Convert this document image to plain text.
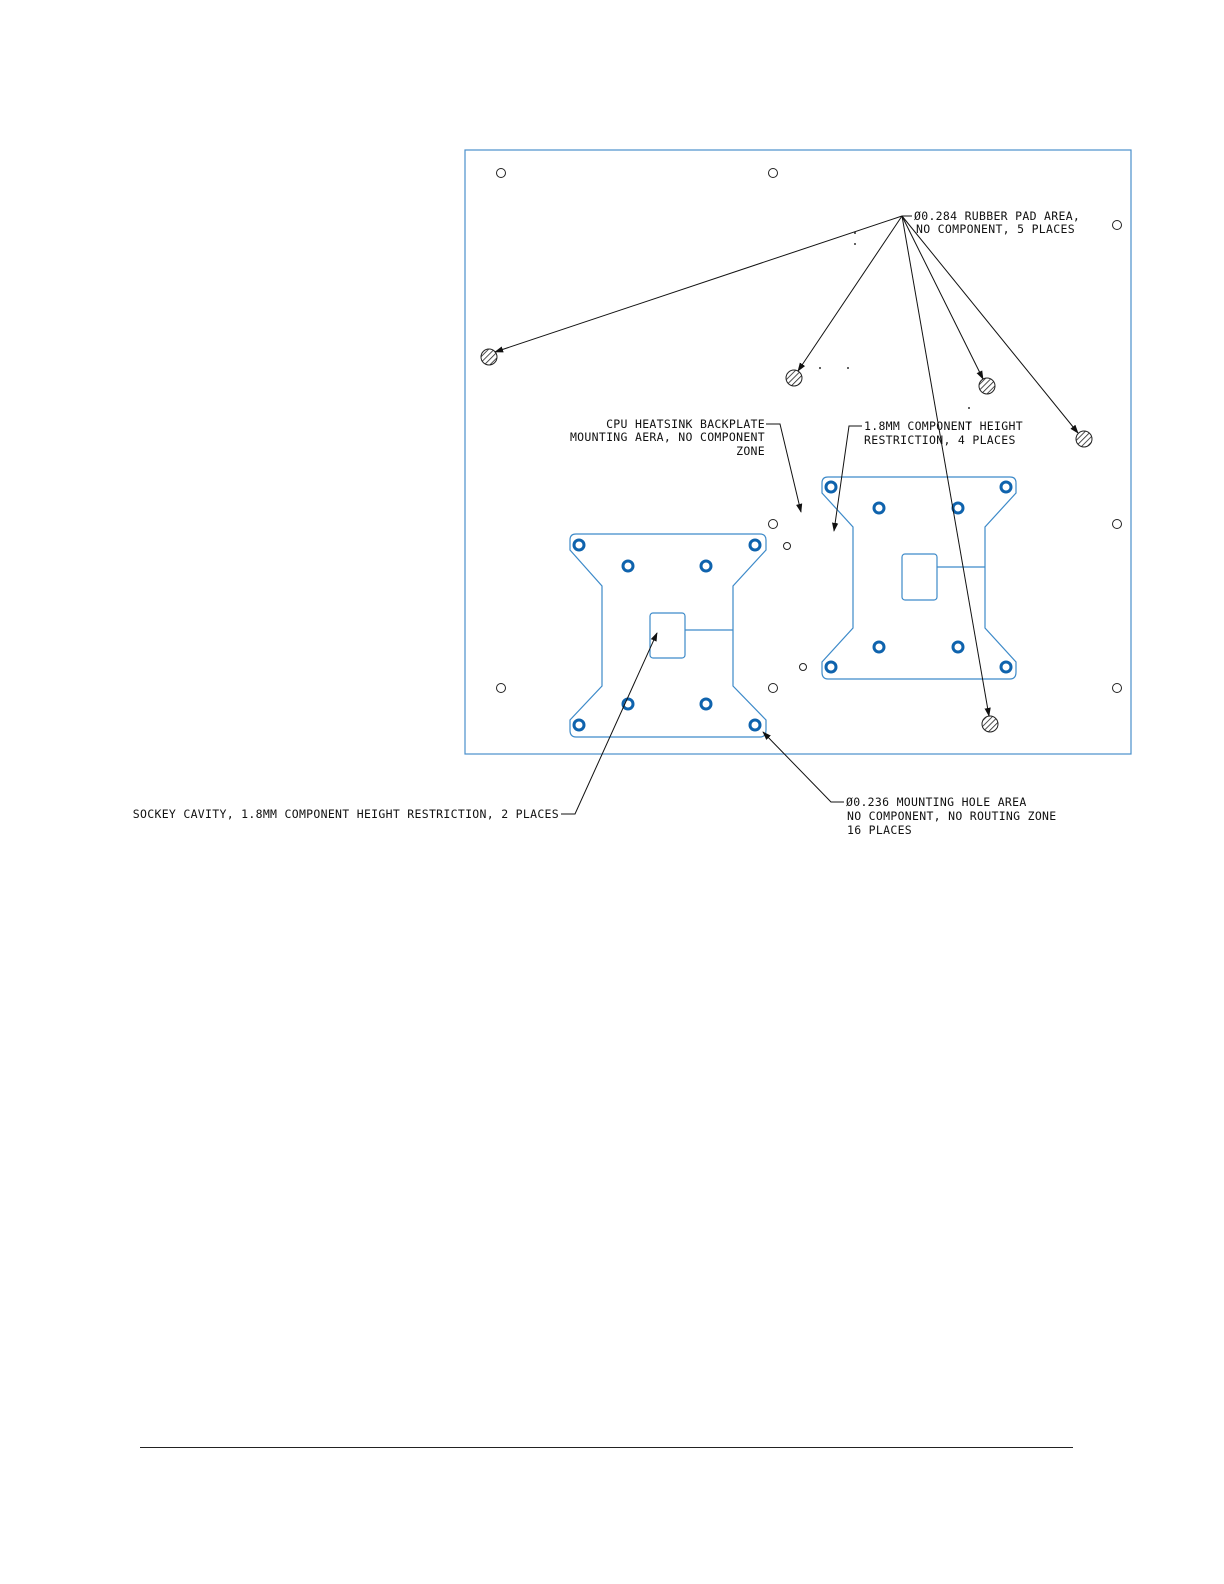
Ø0.284 RUBBER PAD AREA,
NO COMPONENT, 5 PLACES
CPU HEATSINK BACKPLATE
MOUNTING AERA, NO COMPONENT
ZONE
1.8MM COMPONENT HEIGHT
RESTRICTION, 4 PLACES
SOCKEY CAVITY, 1.8MM COMPONENT HEIGHT RESTRICTION, 2 PLACES
Ø0.236 MOUNTING HOLE AREA
NO COMPONENT, NO ROUTING ZONE
16 PLACES
